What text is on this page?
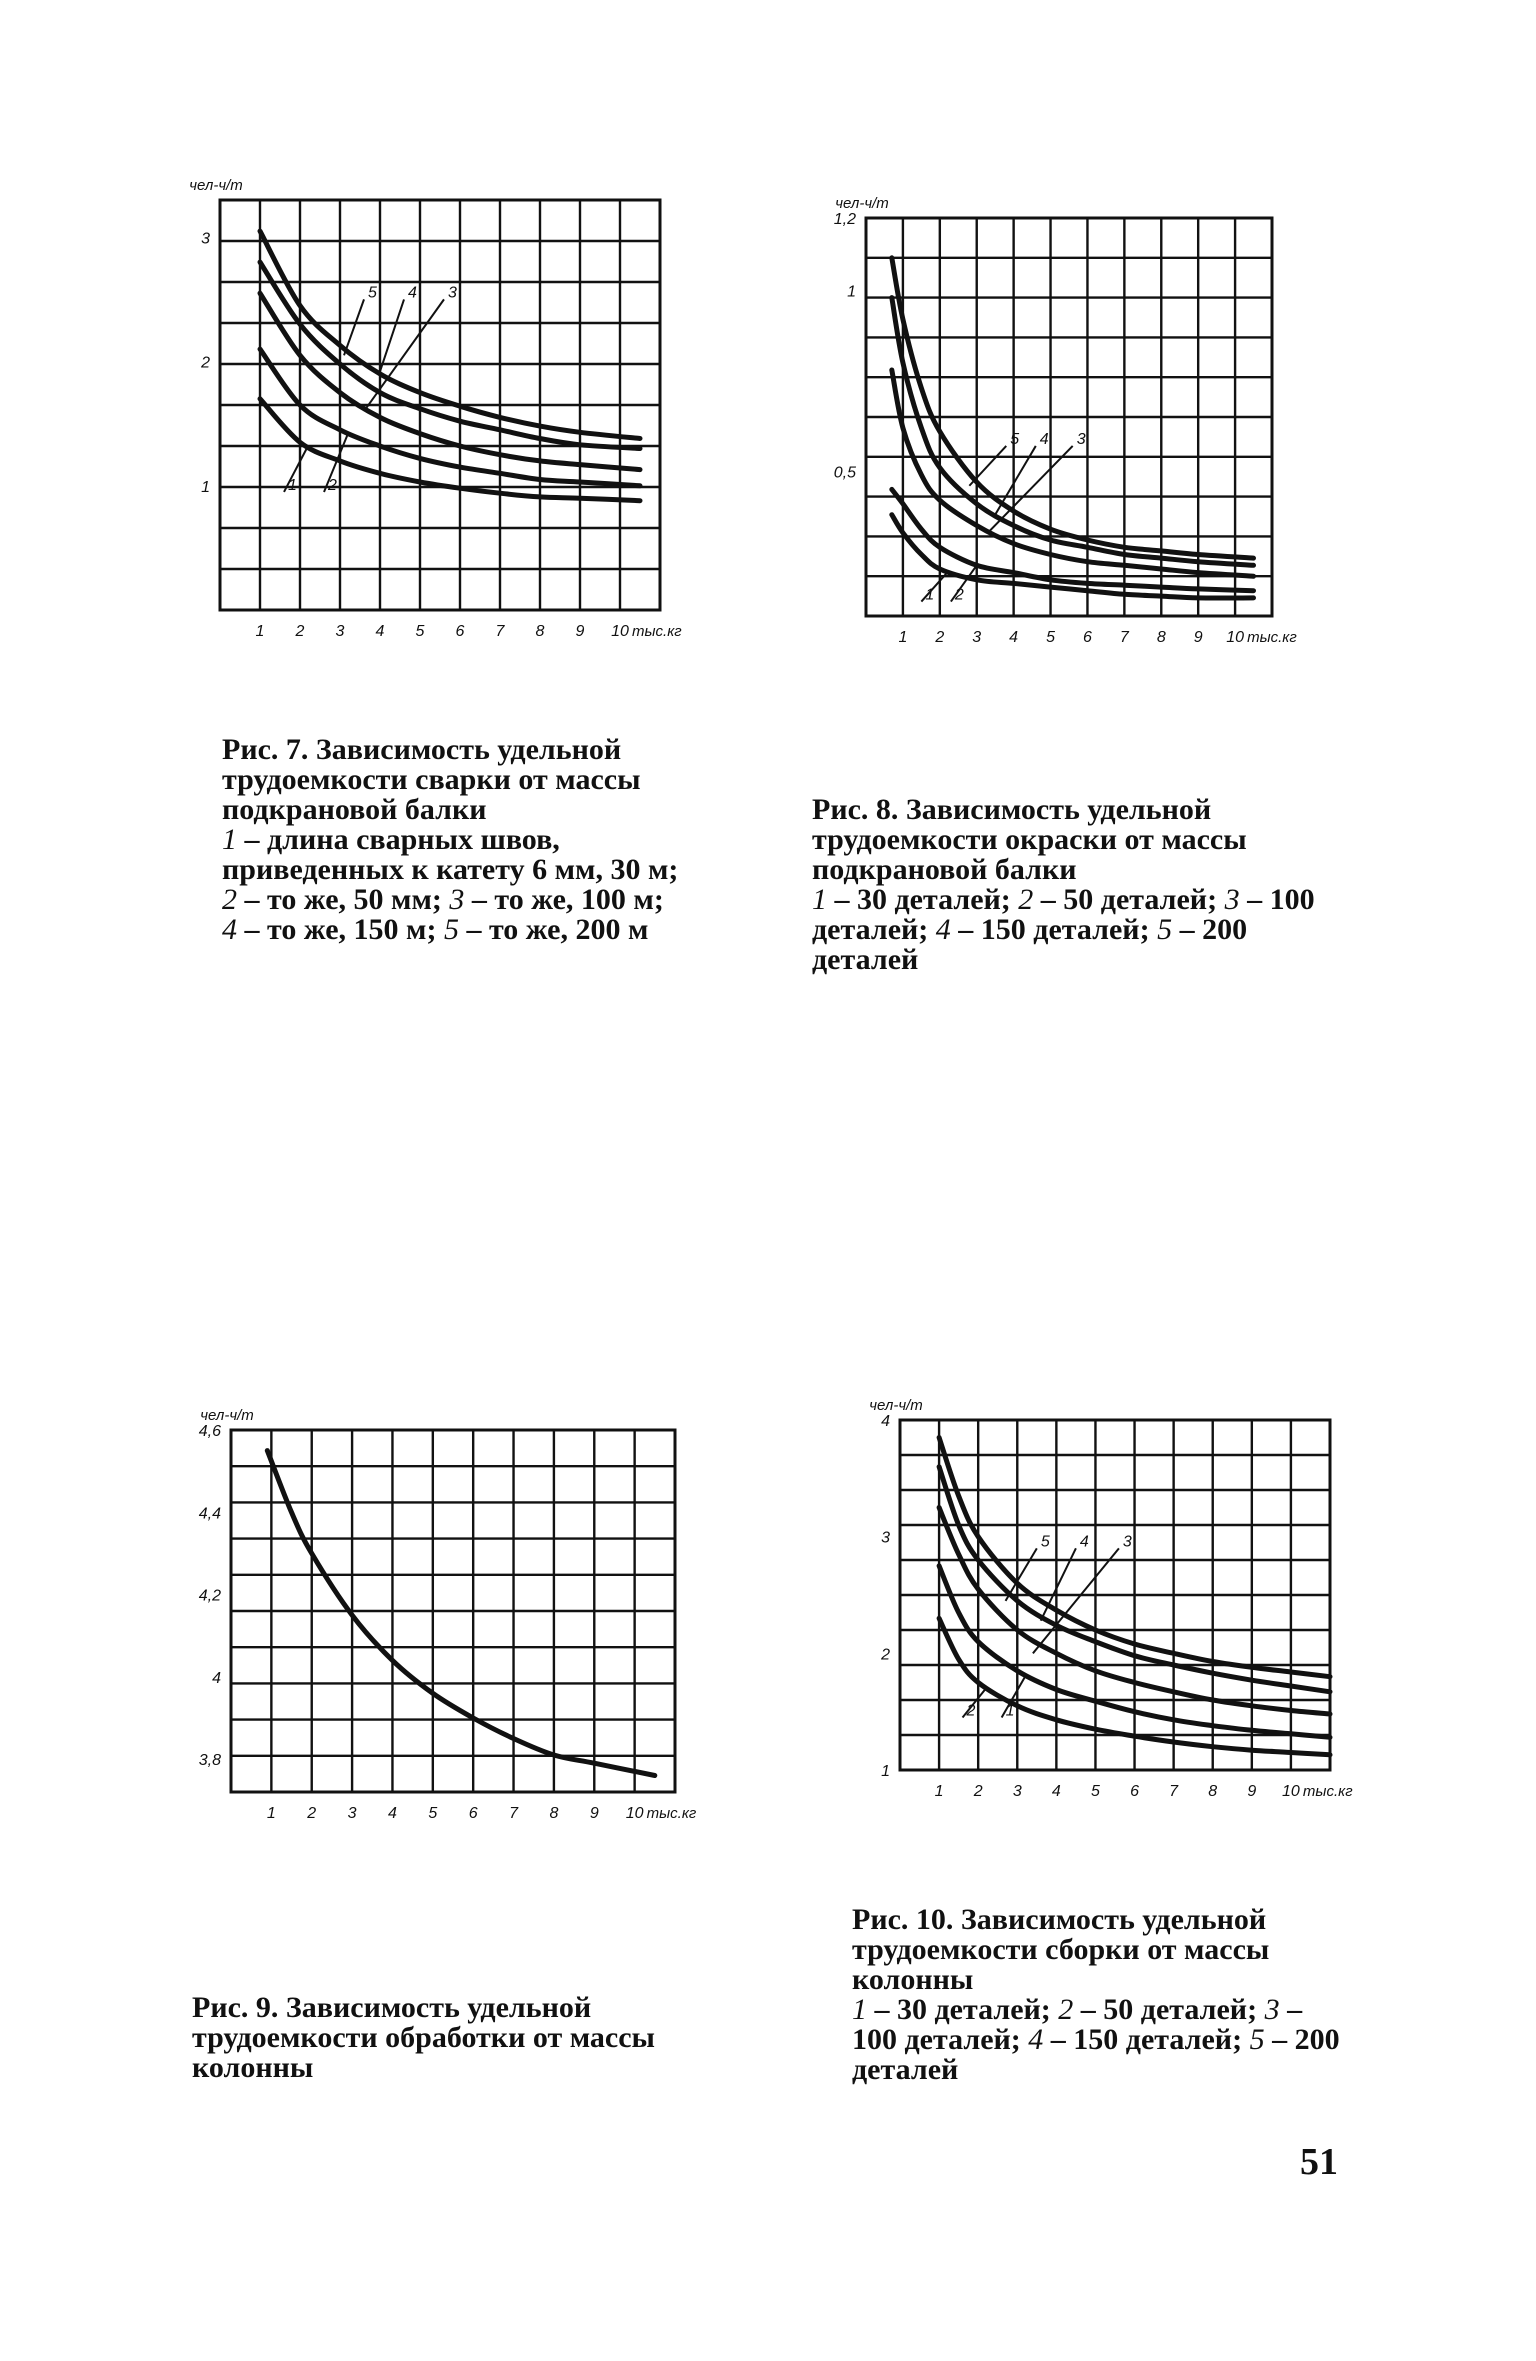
чел-ч/т
1
2
3
1 2 3 4 5 6 7 8 9 10 тыс.кг
5 4 3
1 2
чел-ч/т
0,5
1
1,2
1 2 3 4 5 6 7 8 9 10 тыс.кг
5 4 3
1 2
чел-ч/т
3,8
4
4,2
4,4
4,6
1 2 3 4 5 6 7 8 9 10 тыс.кг
чел-ч/т
1
2
3
4
1 2 3 4 5 6 7 8 9 10 тыс.кг
5 4 3
2 1

Рис. 7. Зависимость удельной трудоемкости сварки от массы подкрановой балки

1 – длина сварных швов, приведенных к катету 6 мм, 30 м; 2 – то же, 50 мм; 3 – то же, 100 м; 4 – то же, 150 м; 5 – то же, 200 м

Рис. 8. Зависимость удельной трудоемкости окраски от массы подкрановой балки

1 – 30 деталей; 2 – 50 деталей; 3 – 100 деталей; 4 – 150 деталей; 5 – 200 деталей

Рис. 9. Зависимость удельной трудоемкости обработки от массы колонны

Рис. 10. Зависимость удельной трудоемкости сборки от массы колонны

1 – 30 деталей; 2 – 50 деталей; 3 – 100 деталей; 4 – 150 деталей; 5 – 200 деталей

51
